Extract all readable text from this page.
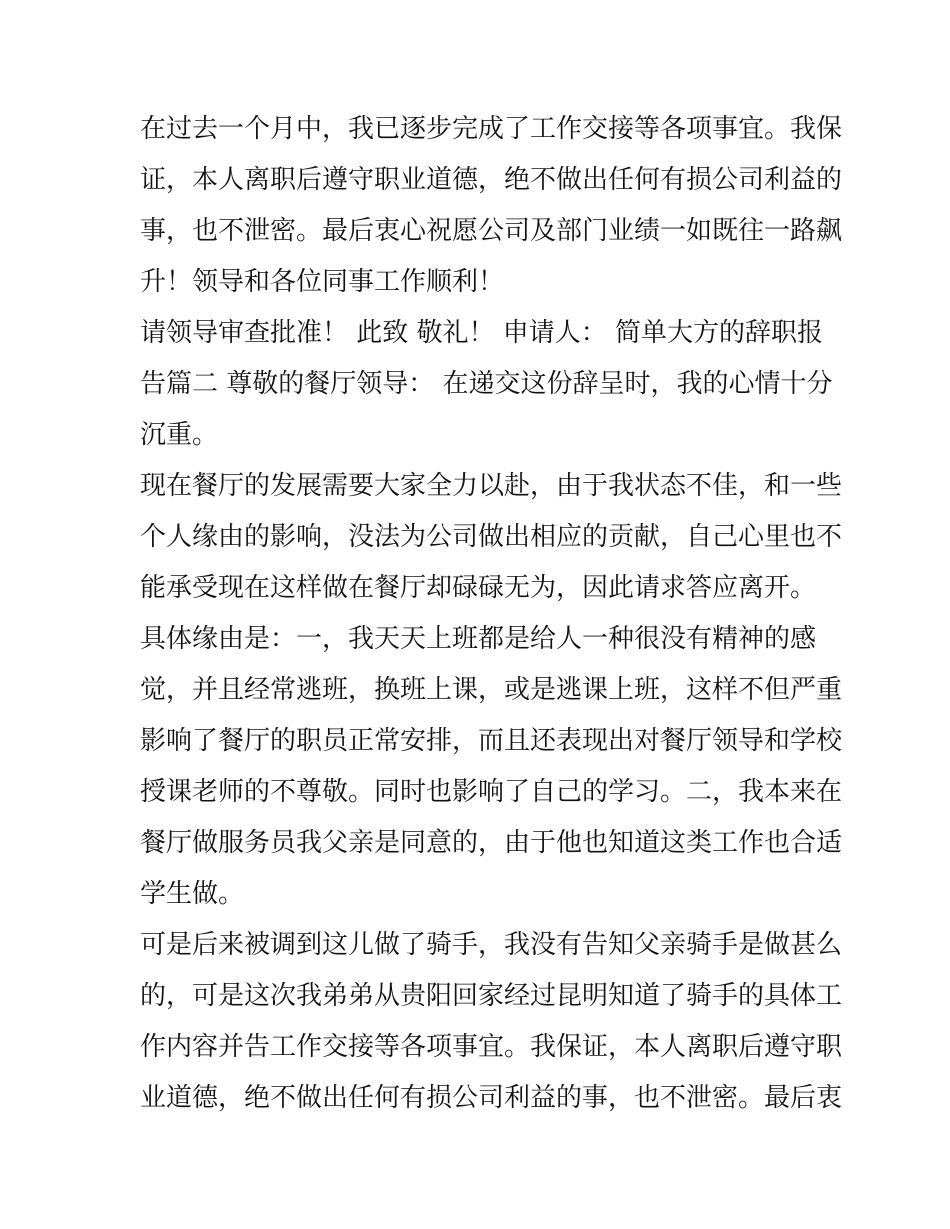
在过去一个月中，我已逐步完成了工作交接等各项事宜。我保
证，本人离职后遵守职业道德，绝不做出任何有损公司利益的
事，也不泄密。最后衷心祝愿公司及部门业绩一如既往一路飙
升！领导和各位同事工作顺利！
请领导审查批准！ 此致 敬礼！ 申请人： 简单大方的辞职报
告篇二 尊敬的餐厅领导： 在递交这份辞呈时，我的心情十分
沉重。
现在餐厅的发展需要大家全力以赴，由于我状态不佳，和一些
个人缘由的影响，没法为公司做出相应的贡献，自己心里也不
能承受现在这样做在餐厅却碌碌无为，因此请求答应离开。
具体缘由是：一，我天天上班都是给人一种很没有精神的感
觉，并且经常逃班，换班上课，或是逃课上班，这样不但严重
影响了餐厅的职员正常安排，而且还表现出对餐厅领导和学校
授课老师的不尊敬。同时也影响了自己的学习。二，我本来在
餐厅做服务员我父亲是同意的，由于他也知道这类工作也合适
学生做。
可是后来被调到这儿做了骑手，我没有告知父亲骑手是做甚么
的，可是这次我弟弟从贵阳回家经过昆明知道了骑手的具体工
作内容并告工作交接等各项事宜。我保证，本人离职后遵守职
业道德，绝不做出任何有损公司利益的事，也不泄密。最后衷
